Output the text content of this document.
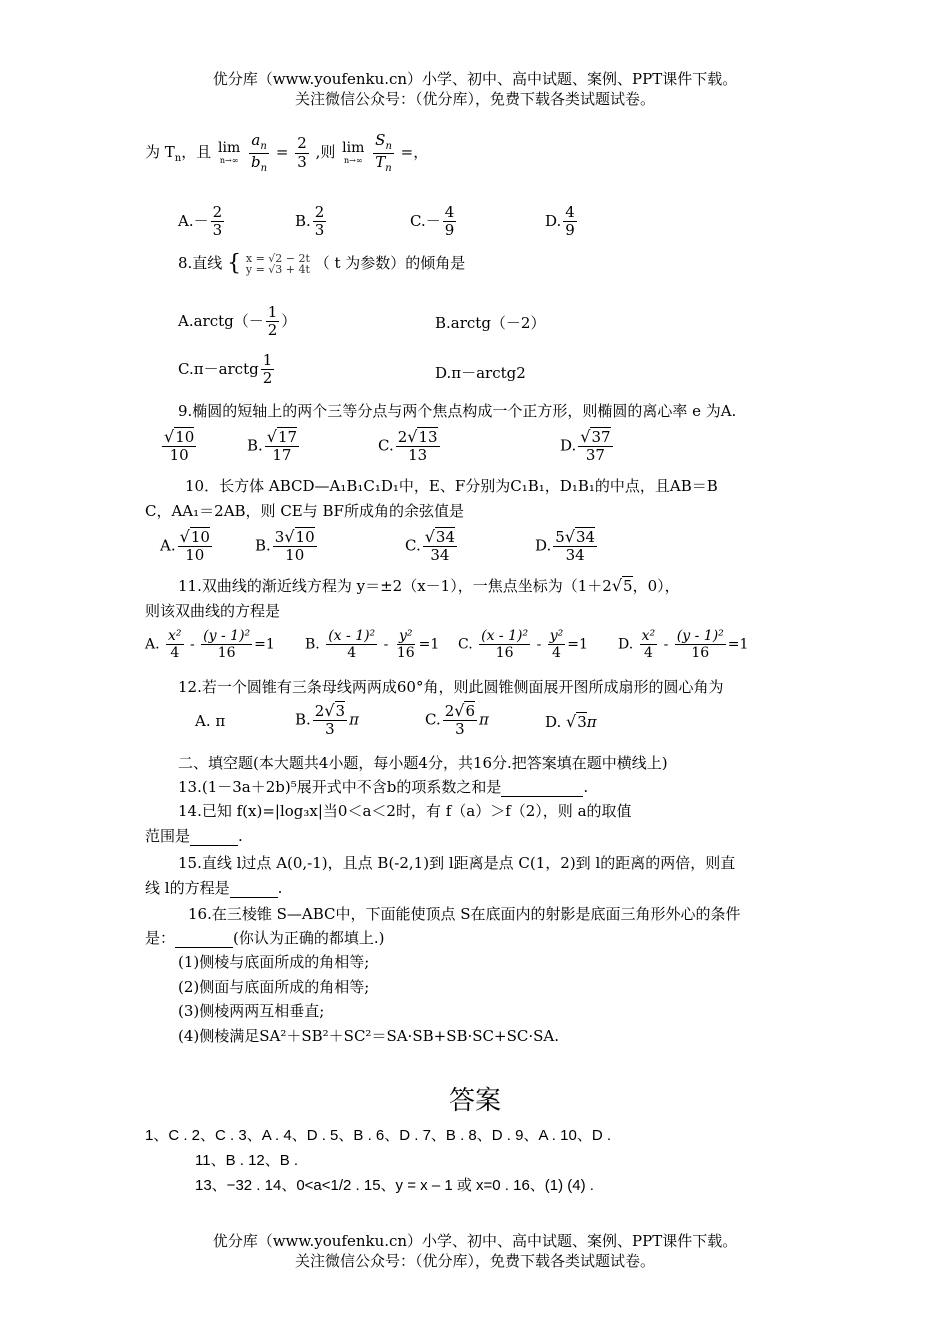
优分库（www.youfenku.cn）小学、初中、高中试题、案例、PPT课件下载。
关注微信公众号：（优分库），免费下载各类试题试卷。
为 $T_n$，且 lim
n→∞
$\frac{a_n}{b_n} = \frac{2}{3}$ ,则 lim
n→∞
$\frac{S_n}{T_n}$ =，
$A.- \frac{2}{3}$	B. $\frac{2}{3}$	$C.- \frac{4}{9}$	D. $\frac{4}{9}$
8.直线 { x = √2 − 2t
y = √3 + 4t （ t 为参数）的倾角是
A.arctg（－ $\frac{1}{2}$ ）	B.arctg（－2）
C.π－arctg $\frac{1}{2}$	D.π－arctg2
9.椭圆的短轴上的两个三等分点与两个焦点构成一个正方形，则椭圆的离心率 e 为A.
$\frac{√10}{10}$	B. $\frac{√17}{17}$	C. $\frac{2√13}{13}$	D. $\frac{√37}{37}$
10．长方体 ABCD—A₁B₁C₁D₁中，E、F分别为C₁B₁，D₁B₁的中点，且AB＝B
C，AA₁＝2AB，则 CE与 BF所成角的余弦值是
A. $\frac{√10}{10}$	B. $\frac{3√10}{10}$	C. $\frac{√34}{34}$	D. $\frac{5√34}{34}$
11.双曲线的渐近线方程为 y＝±2（x－1），一焦点坐标为（1＋2√5，0），
则该双曲线的方程是
A. $\frac{\text{x²}}{4} - \frac{\text{(y - 1)²}}{16} =1$ B. $\frac{\text{(x - 1)²}}{4} - \frac{\text{y²}}{16} =1$ C. $\frac{\text{(x - 1)²}}{16} - \frac{\text{y²}}{4} =1$ D. $\frac{\text{x²}}{4} - \frac{\text{(y - 1)²}}{16} =1$
12.若一个圆锥有三条母线两两成60°角，则此圆锥侧面展开图所成扇形的圆心角为
A. π	B. $\frac{2√3}{3}$ π	C. $\frac{2√6}{3}$ π	D. √3π
二、填空题(本大题共4小题，每小题4分，共16分.把答案填在题中横线上)
13.(1－3a＋2b)⁵展开式中不含b的项系数之和是	.
14.已知 f(x)=|log₃x|当0＜a＜2时，有 f（a）＞f（2），则 a的取值
范围是	.
15.直线 l过点 A(0,-1)，且点 B(-2,1)到 l距离是点 C(1，2)到 l的距离的两倍，则直
线 l的方程是	.
16.在三棱锥 S—ABC中，下面能使顶点 S在底面内的射影是底面三角形外心的条件
是：	(你认为正确的都填上.)
(1)侧棱与底面所成的角相等;
(2)侧面与底面所成的角相等;
(3)侧棱两两互相垂直;
(4)侧棱满足SA²＋SB²＋SC²＝SA·SB+SB·SC+SC·SA.
答案
1、C . 2、C . 3、A . 4、D . 5、B . 6、D . 7、B . 8、D . 9、A . 10、D .
11、B . 12、B .
13、−32 . 14、0<a<1/2 . 15、y = x – 1 或 x=0 . 16、(1) (4) .
优分库（www.youfenku.cn）小学、初中、高中试题、案例、PPT课件下载。
关注微信公众号：（优分库），免费下载各类试题试卷。
